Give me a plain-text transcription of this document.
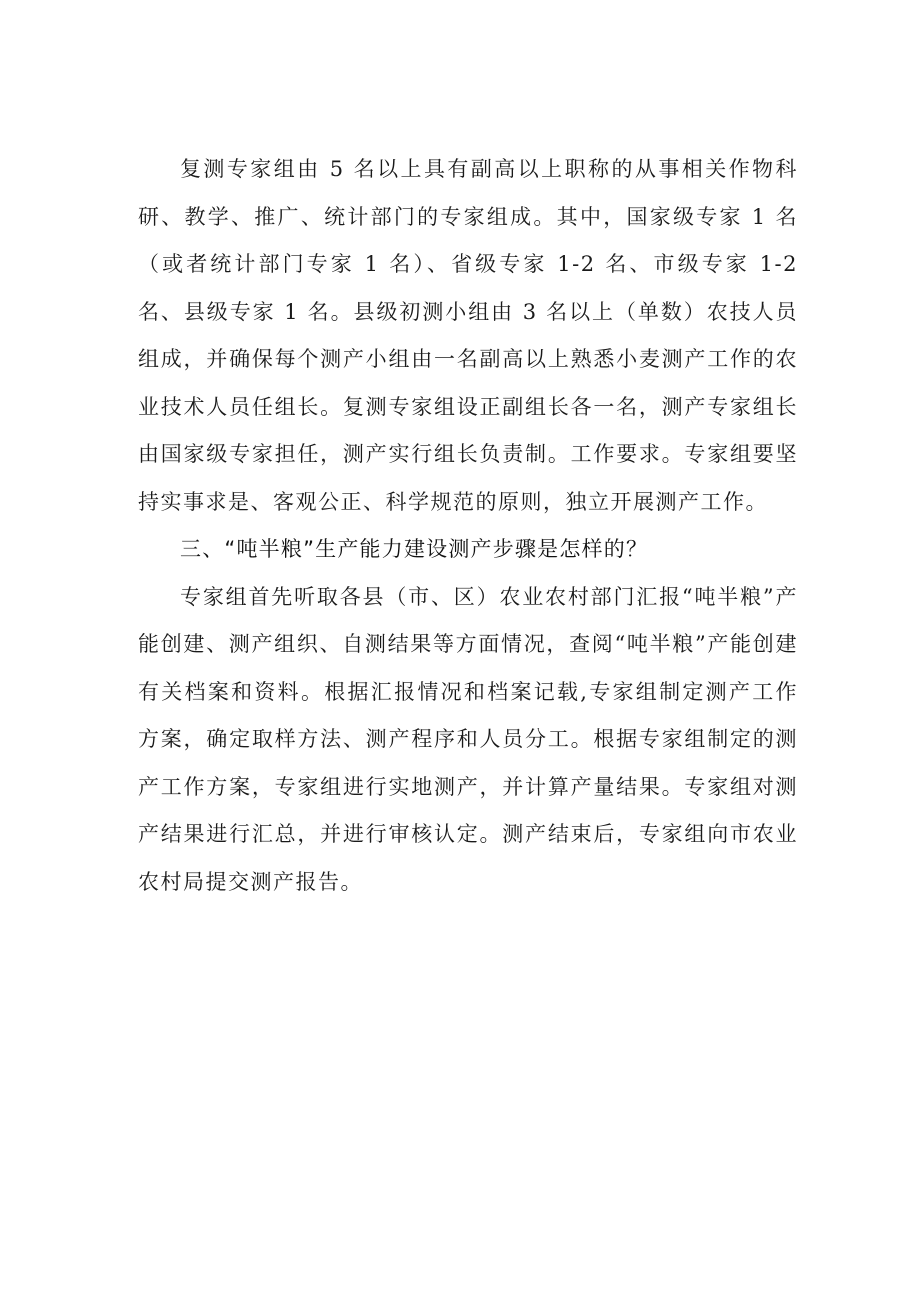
复测专家组由 5 名以上具有副高以上职称的从事相关作物科研、教学、推广、统计部门的专家组成。其中，国家级专家 1 名（或者统计部门专家 1 名）、省级专家 1-2 名、市级专家 1-2 名、县级专家 1 名。县级初测小组由 3 名以上（单数）农技人员组成，并确保每个测产小组由一名副高以上熟悉小麦测产工作的农业技术人员任组长。复测专家组设正副组长各一名，测产专家组长由国家级专家担任，测产实行组长负责制。工作要求。专家组要坚持实事求是、客观公正、科学规范的原则，独立开展测产工作。

三、“吨半粮”生产能力建设测产步骤是怎样的？

专家组首先听取各县（市、区）农业农村部门汇报“吨半粮”产能创建、测产组织、自测结果等方面情况，查阅“吨半粮”产能创建有关档案和资料。根据汇报情况和档案记载,专家组制定测产工作方案，确定取样方法、测产程序和人员分工。根据专家组制定的测产工作方案，专家组进行实地测产，并计算产量结果。专家组对测产结果进行汇总，并进行审核认定。测产结束后，专家组向市农业农村局提交测产报告。
